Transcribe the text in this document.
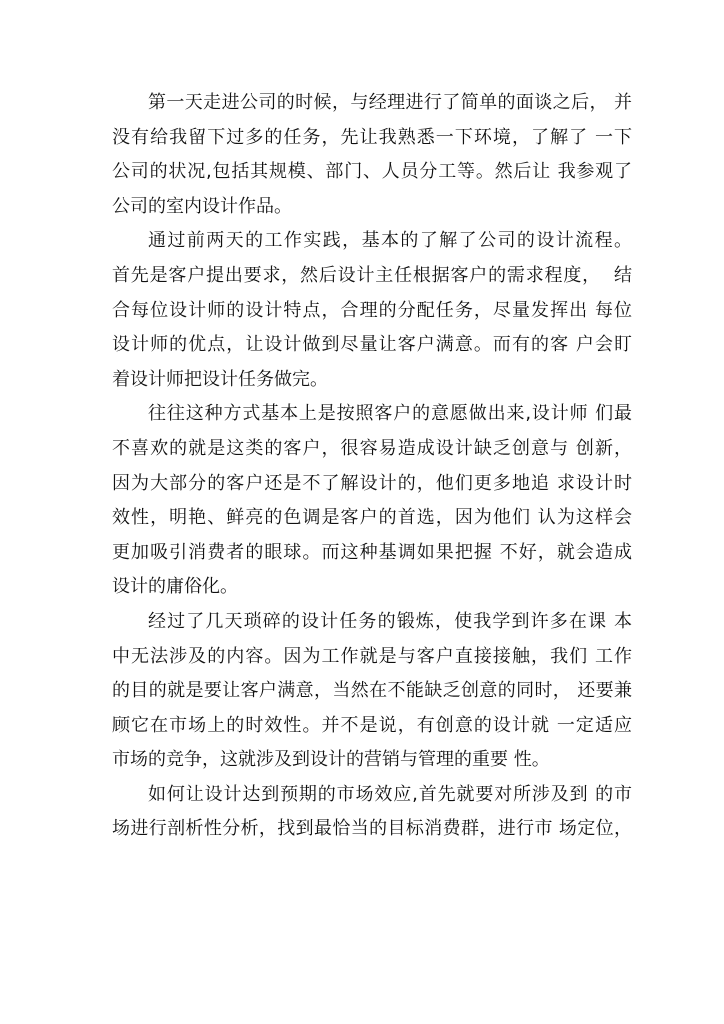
第一天走进公司的时候，与经理进行了简单的面谈之后， 并
没有给我留下过多的任务，先让我熟悉一下环境，了解了 一下
公司的状况,包括其规模、部门、人员分工等。然后让 我参观了
公司的室内设计作品。
通过前两天的工作实践，基本的了解了公司的设计流程。
首先是客户提出要求，然后设计主任根据客户的需求程度，  结
合每位设计师的设计特点，合理的分配任务，尽量发挥出 每位
设计师的优点，让设计做到尽量让客户满意。而有的客 户会盯
着设计师把设计任务做完。
往往这种方式基本上是按照客户的意愿做出来,设计师 们最
不喜欢的就是这类的客户，很容易造成设计缺乏创意与 创新，
因为大部分的客户还是不了解设计的，他们更多地追 求设计时
效性，明艳、鲜亮的色调是客户的首选，因为他们 认为这样会
更加吸引消费者的眼球。而这种基调如果把握 不好，就会造成
设计的庸俗化。
经过了几天琐碎的设计任务的锻炼，使我学到许多在课 本
中无法涉及的内容。因为工作就是与客户直接接触，我们 工作
的目的就是要让客户满意，当然在不能缺乏创意的同时， 还要兼
顾它在市场上的时效性。并不是说，有创意的设计就 一定适应
市场的竞争，这就涉及到设计的营销与管理的重要 性。
如何让设计达到预期的市场效应,首先就要对所涉及到 的市
场进行剖析性分析，找到最恰当的目标消费群，进行市 场定位，
